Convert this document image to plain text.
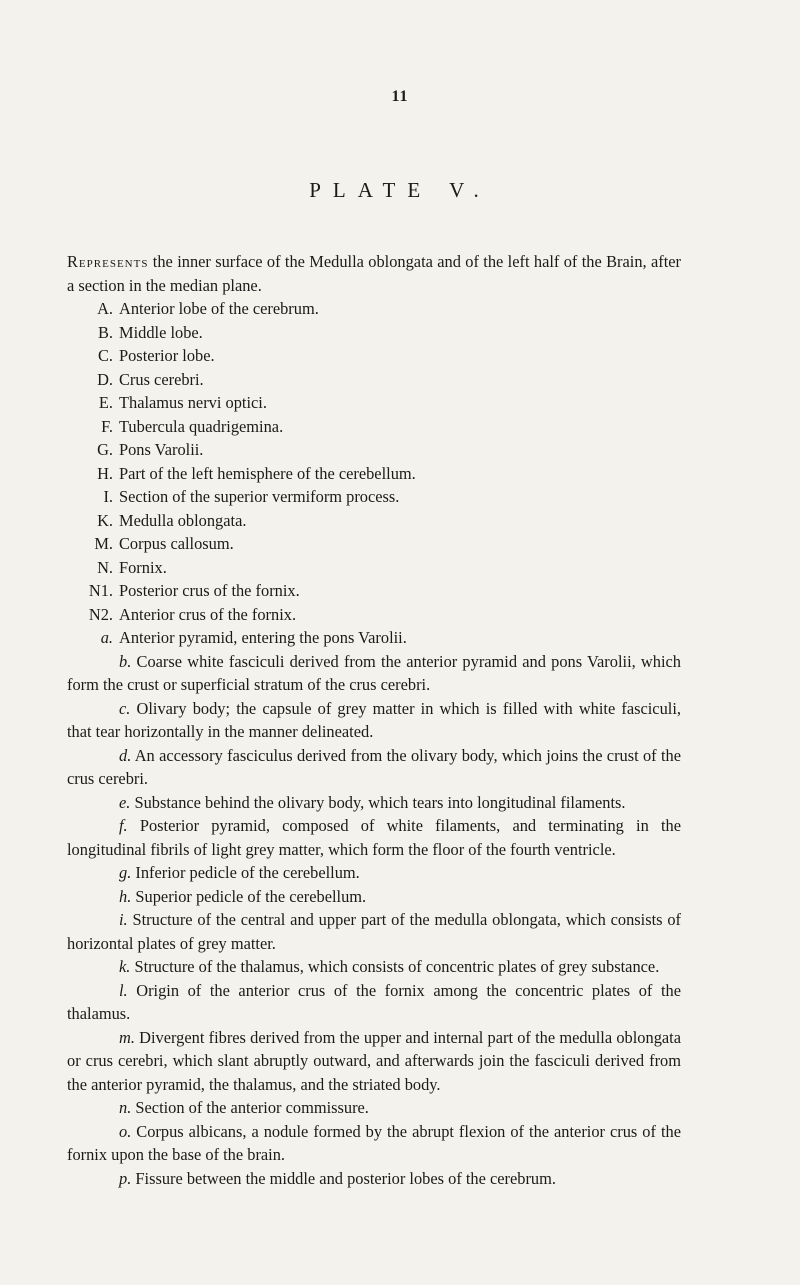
11
PLATE V.

Represents the inner surface of the Medulla oblongata and of the left half of the Brain, after a section in the median plane.

A. Anterior lobe of the cerebrum.
B. Middle lobe.
C. Posterior lobe.
D. Crus cerebri.
E. Thalamus nervi optici.
F. Tubercula quadrigemina.
G. Pons Varolii.
H. Part of the left hemisphere of the cerebellum.
I. Section of the superior vermiform process.
K. Medulla oblongata.
M. Corpus callosum.
N. Fornix.
N1. Posterior crus of the fornix.
N2. Anterior crus of the fornix.
a. Anterior pyramid, entering the pons Varolii.

b. Coarse white fasciculi derived from the anterior pyramid and pons Varolii, which form the crust or superficial stratum of the crus cerebri.

c. Olivary body; the capsule of grey matter in which is filled with white fasciculi, that tear horizontally in the manner delineated.

d. An accessory fasciculus derived from the olivary body, which joins the crust of the crus cerebri.

e. Substance behind the olivary body, which tears into longitudinal filaments.

f. Posterior pyramid, composed of white filaments, and terminating in the longitudinal fibrils of light grey matter, which form the floor of the fourth ventricle.

g. Inferior pedicle of the cerebellum.

h. Superior pedicle of the cerebellum.

i. Structure of the central and upper part of the medulla oblongata, which consists of horizontal plates of grey matter.

k. Structure of the thalamus, which consists of concentric plates of grey substance.

l. Origin of the anterior crus of the fornix among the concentric plates of the thalamus.

m. Divergent fibres derived from the upper and internal part of the medulla oblongata or crus cerebri, which slant abruptly outward, and afterwards join the fasciculi derived from the anterior pyramid, the thalamus, and the striated body.

n. Section of the anterior commissure.

o. Corpus albicans, a nodule formed by the abrupt flexion of the anterior crus of the fornix upon the base of the brain.

p. Fissure between the middle and posterior lobes of the cerebrum.
